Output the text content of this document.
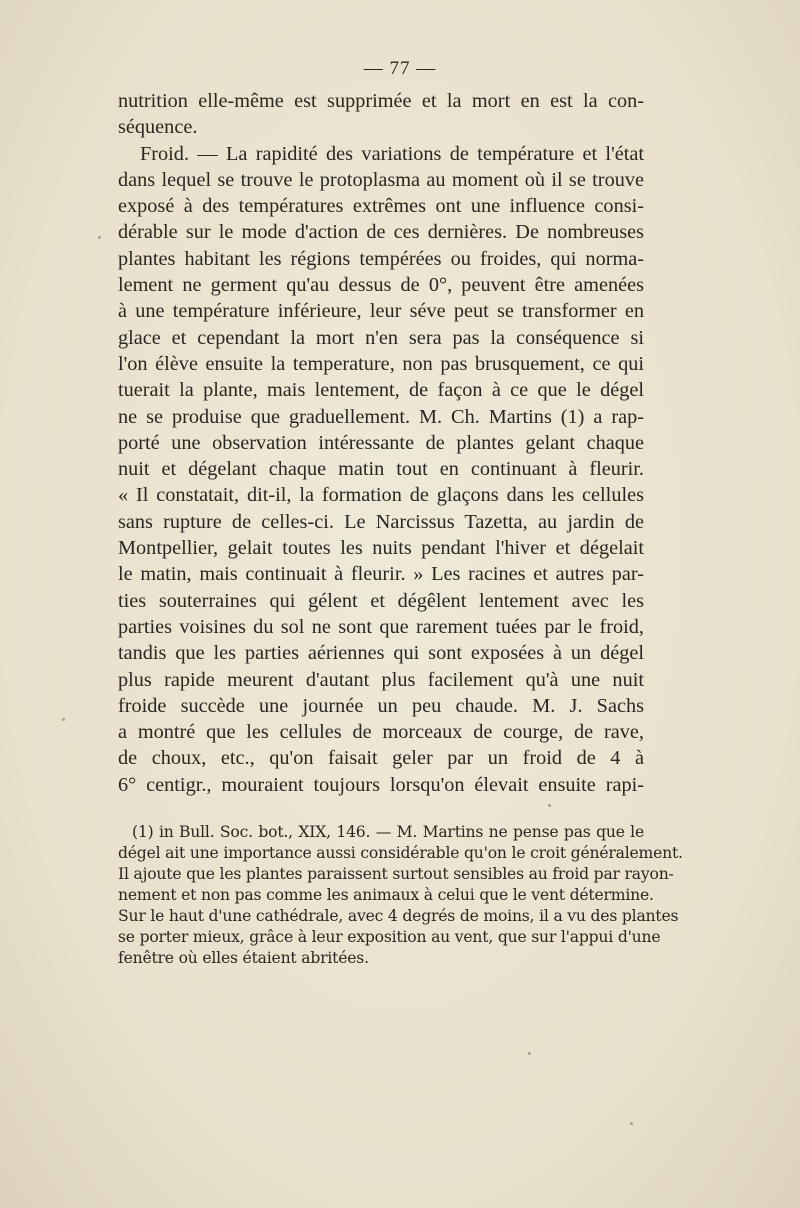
— 77 —
nutrition elle-même est supprimée et la mort en est la con-
séquence.
Froid. — La rapidité des variations de température et l'état
dans lequel se trouve le protoplasma au moment où il se trouve
exposé à des températures extrêmes ont une influence consi-
dérable sur le mode d'action de ces dernières. De nombreuses
plantes habitant les régions tempérées ou froides, qui norma-
lement ne germent qu'au dessus de 0°, peuvent être amenées
à une température inférieure, leur séve peut se transformer en
glace et cependant la mort n'en sera pas la conséquence si
l'on élève ensuite la temperature, non pas brusquement, ce qui
tuerait la plante, mais lentement, de façon à ce que le dégel
ne se produise que graduellement. M. Ch. Martins (1) a rap-
porté une observation intéressante de plantes gelant chaque
nuit et dégelant chaque matin tout en continuant à fleurir.
« Il constatait, dit-il, la formation de glaçons dans les cellules
sans rupture de celles-ci. Le Narcissus Tazetta, au jardin de
Montpellier, gelait toutes les nuits pendant l'hiver et dégelait
le matin, mais continuait à fleurir. » Les racines et autres par-
ties souterraines qui gélent et dégêlent lentement avec les
parties voisines du sol ne sont que rarement tuées par le froid,
tandis que les parties aériennes qui sont exposées à un dégel
plus rapide meurent d'autant plus facilement qu'à une nuit
froide succède une journée un peu chaude. M. J. Sachs
a montré que les cellules de morceaux de courge, de rave,
de choux, etc., qu'on faisait geler par un froid de 4 à
6° centigr., mouraient toujours lorsqu'on élevait ensuite rapi-
(1) in Bull. Soc. bot., XIX, 146. — M. Martins ne pense pas que le
dégel ait une importance aussi considérable qu'on le croit généralement.
Il ajoute que les plantes paraissent surtout sensibles au froid par rayon-
nement et non pas comme les animaux à celui que le vent détermine.
Sur le haut d'une cathédrale, avec 4 degrés de moins, il a vu des plantes
se porter mieux, grâce à leur exposition au vent, que sur l'appui d'une
fenêtre où elles étaient abritées.
